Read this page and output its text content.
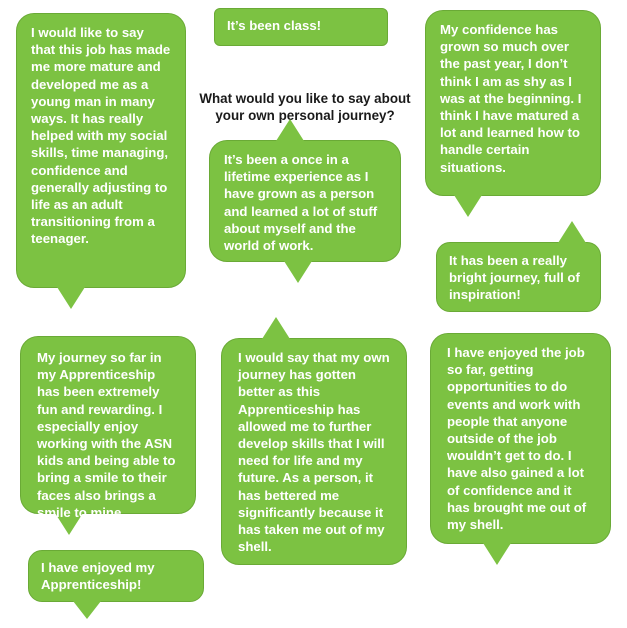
What would you like to say about your own personal journey?
I would like to say that this job has made me more mature and developed me as a young man in many ways. It has really helped with my social skills, time managing, confidence and generally adjusting to life as an adult transitioning from a teenager.
It’s been class!	My confidence has grown so much over the past year, I don’t think I am as shy as I was at the beginning. I think I have matured a lot and learned how to handle certain situations.
It’s been a once in a lifetime experience as I have grown as a person and learned a lot of stuff about myself and the world of work.
It has been a really bright journey, full of inspiration!
My journey so far in my Apprenticeship has been extremely fun and rewarding. I especially enjoy working with the ASN kids and being able to bring a smile to their faces also brings a smile to mine.
I would say that my own journey has gotten better as this Apprenticeship has allowed me to further develop skills that I will need for life and my future. As a person, it has bettered me significantly because it has taken me out of my shell.
I have enjoyed the job so far, getting opportunities to do events and work with people that anyone outside of the job wouldn’t get to do. I have also gained a lot of confidence and it has brought me out of my shell.
I have enjoyed my Apprenticeship!
